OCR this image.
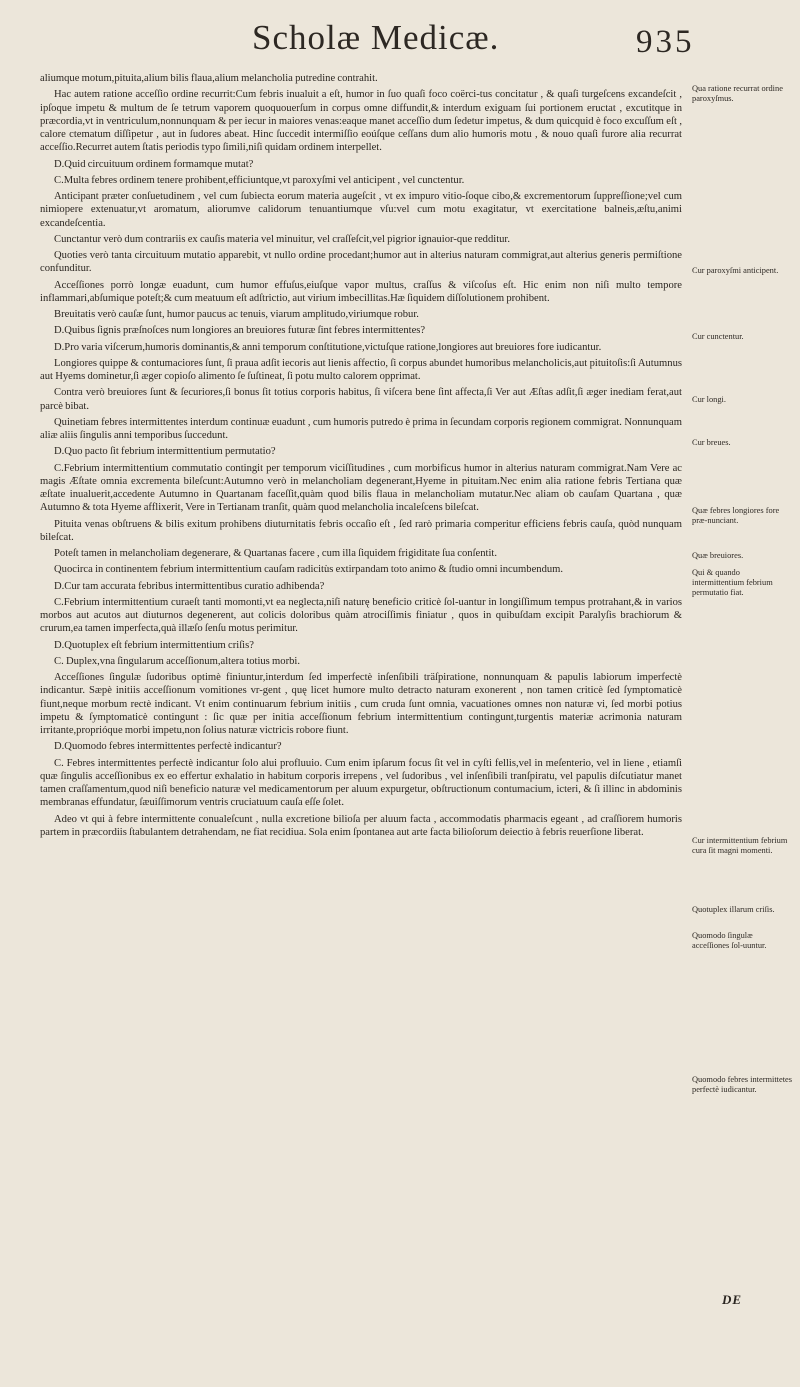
Scholæ Medicæ.	935

aliumque motum,pituita,alium bilis flaua,alium melancholia putredine contrahit.

Hac autem ratione acceſſio ordine recurrit:Cum febris inualuit a eſt, humor in ſuo quaſi foco coërci-tus concitatur , & quaſi turgeſcens excandeſcit , ipſoque impetu & multum de ſe tetrum vaporem quoquouerſum in corpus omne diffundit,& interdum exiguam ſui portionem eructat , excutitque in præcordia,vt in ventriculum,nonnunquam & per iecur in maiores venas:eaque manet acceſſio dum ſedetur impetus, & dum quicquid è foco excuſſum eſt , calore ctematum diſſipetur , aut in ſudores abeat. Hinc ſuccedit intermiſſio eoúſque ceſſans dum alio humoris motu , & nouo quaſi furore alia recurrat acceſſio.Recurret autem ſtatis periodis typo ſimili,niſi quidam ordinem interpellet.

D.Quid circuituum ordinem formamque mutat?

C.Multa febres ordinem tenere prohibent,efficiuntque,vt paroxyſmi vel anticipent , vel cunctentur.

Anticipant præter conſuetudinem , vel cum ſubiecta eorum materia augeſcit , vt ex impuro vitio-ſoque cibo,& excrementorum ſuppreſſione;vel cum nimiopere extenuatur,vt aromatum, aliorumve calidorum tenuantiumque vſu:vel cum motu exagitatur, vt exercitatione balneis,æſtu,animi excandeſcentia.

Cunctantur verò dum contrariis ex cauſis materia vel minuitur, vel craſſeſcit,vel pigrior ignauior-que redditur.

Quoties verò tanta circuituum mutatio apparebit, vt nullo ordine procedant;humor aut in alterius naturam commigrat,aut alterius generis permiſtione confunditur.

Acceſſiones porrò longæ euadunt, cum humor effuſus,eiuſque vapor multus, craſſus & viſcoſus eſt. Hic enim non niſi multo tempore inflammari,abſumique poteſt;& cum meatuum eſt adſtrictio, aut virium imbecillitas.Hæ ſiquidem diſſolutionem prohibent.

Breuitatis verò cauſæ ſunt, humor paucus ac tenuis, viarum amplitudo,viriumque robur.

D.Quibus ſignis præſnoſces num longiores an breuiores futuræ ſint febres intermittentes?

D.Pro varia viſcerum,humoris dominantis,& anni temporum conſtitutione,victuſque ratione,longiores aut breuiores fore iudicantur.

Longiores quippe & contumaciores ſunt, ſi praua adſit iecoris aut lienis affectio, ſi corpus abundet humoribus melancholicis,aut pituitoſis:ſi Autumnus aut Hyems dominetur,ſi æger copioſo alimento ſe ſuſtineat, ſi potu multo calorem opprimat.

Contra verò breuiores ſunt & ſecuriores,ſi bonus ſit totius corporis habitus, ſi viſcera bene ſint affecta,ſi Ver aut Æſtas adſit,ſi æger inediam ferat,aut parcè bibat.

Quinetiam febres intermittentes interdum continuæ euadunt , cum humoris putredo è prima in ſecundam corporis regionem commigrat. Nonnunquam aliæ aliis ſingulis anni temporibus ſuccedunt.

D.Quo pacto ſit febrium intermittentium permutatio?

C.Febrium intermittentium commutatio contingit per temporum viciſſitudines , cum morbificus humor in alterius naturam commigrat.Nam Vere ac magis Æſtate omnia excrementa bileſcunt:Autumno verò in melancholiam degenerant,Hyeme in pituitam.Nec enim alia ratione febris Tertiana quæ æſtate inualuerit,accedente Autumno in Quartanam faceſſit,quàm quod bilis flaua in melancholiam mutatur.Nec aliam ob cauſam Quartana , quæ Autumno & tota Hyeme afflixerit, Vere in Tertianam tranſit, quàm quod melancholia incaleſcens bileſcat.

Pituita venas obſtruens & bilis exitum prohibens diuturnitatis febris occaſio eſt , ſed rarò primaria comperitur efficiens febris cauſa, quòd nunquam bileſcat.

Poteſt tamen in melancholiam degenerare, & Quartanas facere , cum illa ſiquidem frigiditate ſua conſentit.

Quocirca in continentem febrium intermittentium cauſam radicitùs extirpandam toto animo & ſtudio omni incumbendum.

D.Cur tam accurata febribus intermittentibus curatio adhibenda?

C.Febrium intermittentium curaeſt tanti momonti,vt ea neglecta,niſi naturę beneficio criticè ſol-uantur in longiſſimum tempus protrahant,& in varios morbos aut acutos aut diuturnos degenerent, aut colicis doloribus quàm atrociſſimis finiatur , quos in quibuſdam excipit Paralyſis brachiorum & crurum,ea tamen imperfecta,quà illæſo ſenſu motus perimitur.

D.Quotuplex eſt febrium intermittentium criſis?

C. Duplex,vna ſingularum acceſſionum,altera totius morbi.

Acceſſiones ſingulæ ſudoribus optimè finiuntur,interdum ſed imperfectè inſenſibili träſpiratione, nonnunquam & papulis labiorum imperfectè indicantur. Sæpè initiis acceſſionum vomitiones vr-gent , quę licet humore multo detracto naturam exonerent , non tamen criticè ſed ſymptomaticè fiunt,neque morbum rectè indicant. Vt enim continuarum febrium initiis , cum cruda ſunt omnia, vacuationes omnes non naturæ vi, ſed morbi potius impetu & ſymptomaticè contingunt : ſic quæ per initia acceſſionum febrium intermittentium contingunt,turgentis materiæ acrimonia naturam irritante,proprióque morbi impetu,non ſolius naturæ victricis robore fiunt.

D.Quomodo febres intermittentes perfectè indicantur?

C. Febres intermittentes perfectè indicantur ſolo alui profluuio. Cum enim ipſarum focus ſit vel in cyſti fellis,vel in meſenterio, vel in liene , etiamſi quæ ſingulis acceſſionibus ex eo effertur exhalatio in habitum corporis irrepens , vel ſudoribus , vel inſenſibili tranſpiratu, vel papulis diſcutiatur manet tamen craſſamentum,quod niſi beneficio naturæ vel medicamentorum per aluum expurgetur, obſtructionum contumacium, icteri, & ſi illinc in abdominis membranas effundatur, ſæuiſſimorum ventris cruciatuum cauſa eſſe ſolet.

Adeo vt qui à febre intermittente conualeſcunt , nulla excretione bilioſa per aluum facta , accommodatis pharmacis egeant , ad craſſiorem humoris partem in præcordiis ſtabulantem detrahendam, ne fiat recidiua. Sola enim ſpontanea aut arte facta bilioſorum deiectio à febris reuerſione liberat.

Qua ratione recurrat ordine paroxyſmus.
Cur paroxyſmi anticipent.
Cur cunctentur.
Cur longi.
Cur breues.
Quæ febres longiores fore præ-nunciant.
Quæ breuiores.
Qui & quando intermittentium febrium permutatio fiat.
Cur intermittentium febrium cura ſit magni momenti.
Quotuplex illarum criſis.
Quomodo ſingulæ acceſſiones ſol-uuntur.
Quomodo febres intermittetes perfectè iudicantur.
DE
